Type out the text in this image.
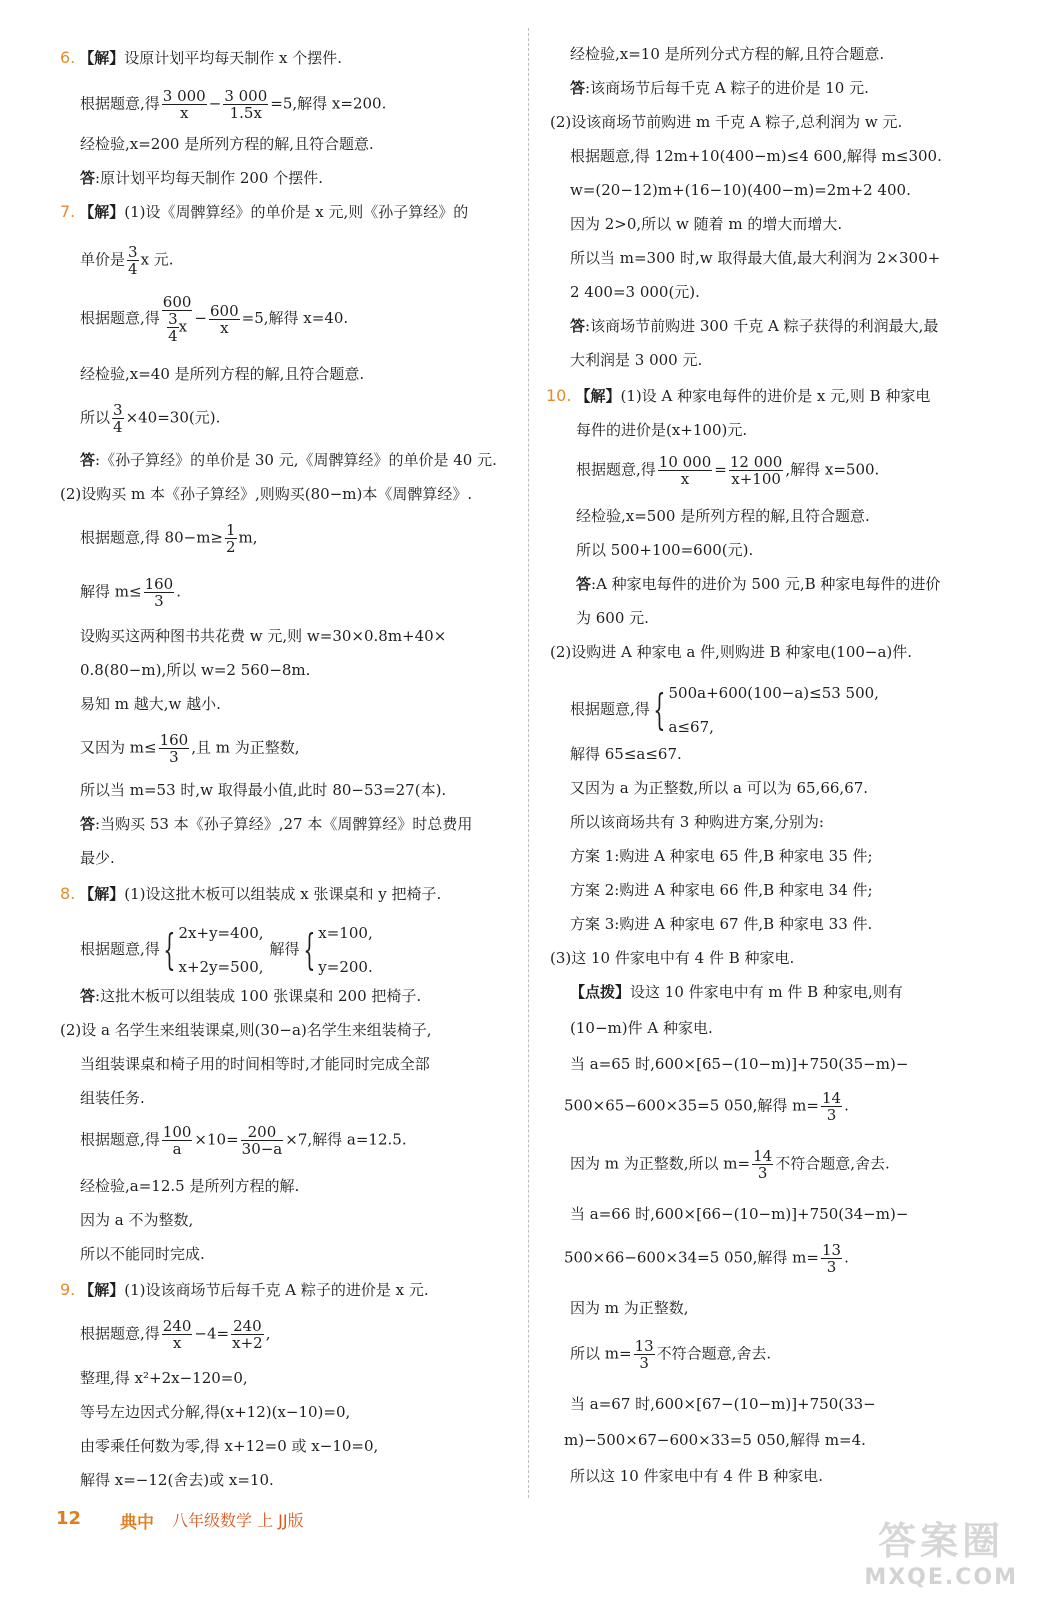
6. 【解】设原计划平均每天制作 x 个摆件.
根据题意,得 $\frac{3 000}{x} - \frac{3 000}{1.5x} =5$,解得 x=200.
经检验,x=200 是所列方程的解,且符合题意.
答:原计划平均每天制作 200 个摆件.
7. 【解】(1)设《周髀算经》的单价是 x 元,则《孙子算经》的
单价是 $\frac{3}{4}$ x 元.
根据题意,得 $\frac{600}{\frac{3}{4} x} - \frac{600}{x} =5$,解得 x=40.
经检验,x=40 是所列方程的解,且符合题意.
所以 $\frac{3}{4} \times 40=30$(元).
答:《孙子算经》的单价是 30 元,《周髀算经》的单价是 40 元.
(2)设购买 m 本《孙子算经》,则购买(80−m)本《周髀算经》.
根据题意,得 $80-m\ge \frac{1}{2} m$,
解得 $m\le \frac{160}{3}$ .
设购买这两种图书共花费 w 元,则 w=30×0.8m+40×
0.8(80−m),所以 w=2 560−8m.
易知 m 越大,w 越小.
又因为 $m\le \frac{160}{3}$ ,且 m 为正整数,
所以当 m=53 时,w 取得最小值,此时 80−53=27(本).
答:当购买 53 本《孙子算经》,27 本《周髀算经》时总费用
最少.
8. 【解】(1)设这批木板可以组装成 x 张课桌和 y 把椅子.
根据题意,得{ 2x+y=400,
x+2y=500,
解得{ x=100,
y=200.
答:这批木板可以组装成 100 张课桌和 200 把椅子.
(2)设 a 名学生来组装课桌,则(30−a)名学生来组装椅子,
当组装课桌和椅子用的时间相等时,才能同时完成全部
组装任务.
根据题意,得 $\frac{100}{a} \times 10= \frac{200}{30-a} \times 7$,解得 a=12.5.
经检验,a=12.5 是所列方程的解.
因为 a 不为整数,
所以不能同时完成.
9. 【解】(1)设该商场节后每千克 A 粽子的进价是 x 元.
根据题意,得 $\frac{240}{x} -4= \frac{240}{x+2}$ ,
整理,得 x²+2x−120=0,
等号左边因式分解,得(x+12)(x−10)=0,
由零乘任何数为零,得 x+12=0 或 x−10=0,
解得 x=−12(舍去)或 x=10.
经检验,x=10 是所列分式方程的解,且符合题意.
答:该商场节后每千克 A 粽子的进价是 10 元.
(2)设该商场节前购进 m 千克 A 粽子,总利润为 w 元.
根据题意,得 12m+10(400−m)≤4 600,解得 m≤300.
w=(20−12)m+(16−10)(400−m)=2m+2 400.
因为 2>0,所以 w 随着 m 的增大而增大.
所以当 m=300 时,w 取得最大值,最大利润为 2×300+
2 400=3 000(元).
答:该商场节前购进 300 千克 A 粽子获得的利润最大,最
大利润是 3 000 元.
10. 【解】(1)设 A 种家电每件的进价是 x 元,则 B 种家电
每件的进价是(x+100)元.
根据题意,得 $\frac{10 000}{x} = \frac{12 000}{x+100}$ ,解得 x=500.
经检验,x=500 是所列方程的解,且符合题意.
所以 500+100=600(元).
答:A 种家电每件的进价为 500 元,B 种家电每件的进价
为 600 元.
(2)设购进 A 种家电 a 件,则购进 B 种家电(100−a)件.
根据题意,得{ 500a+600(100−a)≤53 500,
a≤67,
解得 65≤a≤67.
又因为 a 为正整数,所以 a 可以为 65,66,67.
所以该商场共有 3 种购进方案,分别为:
方案 1:购进 A 种家电 65 件,B 种家电 35 件;
方案 2:购进 A 种家电 66 件,B 种家电 34 件;
方案 3:购进 A 种家电 67 件,B 种家电 33 件.
(3)这 10 件家电中有 4 件 B 种家电.
【点拨】设这 10 件家电中有 m 件 B 种家电,则有
(10−m)件 A 种家电.
当 a=65 时,600×[65−(10−m)]+750(35−m)−
500×65−600×35=5 050,解得 $m= \frac{14}{3}$ .
因为 m 为正整数,所以 $m= \frac{14}{3}$ 不符合题意,舍去.
当 a=66 时,600×[66−(10−m)]+750(34−m)−
500×66−600×34=5 050,解得 $m= \frac{13}{3}$ .
因为 m 为正整数,
所以 $m= \frac{13}{3}$ 不符合题意,舍去.
当 a=67 时,600×[67−(10−m)]+750(33−
m)−500×67−600×33=5 050,解得 m=4.
所以这 10 件家电中有 4 件 B 种家电.
12 典中 八年级数学 上 JJ版	答案圈
MXQE.COM
